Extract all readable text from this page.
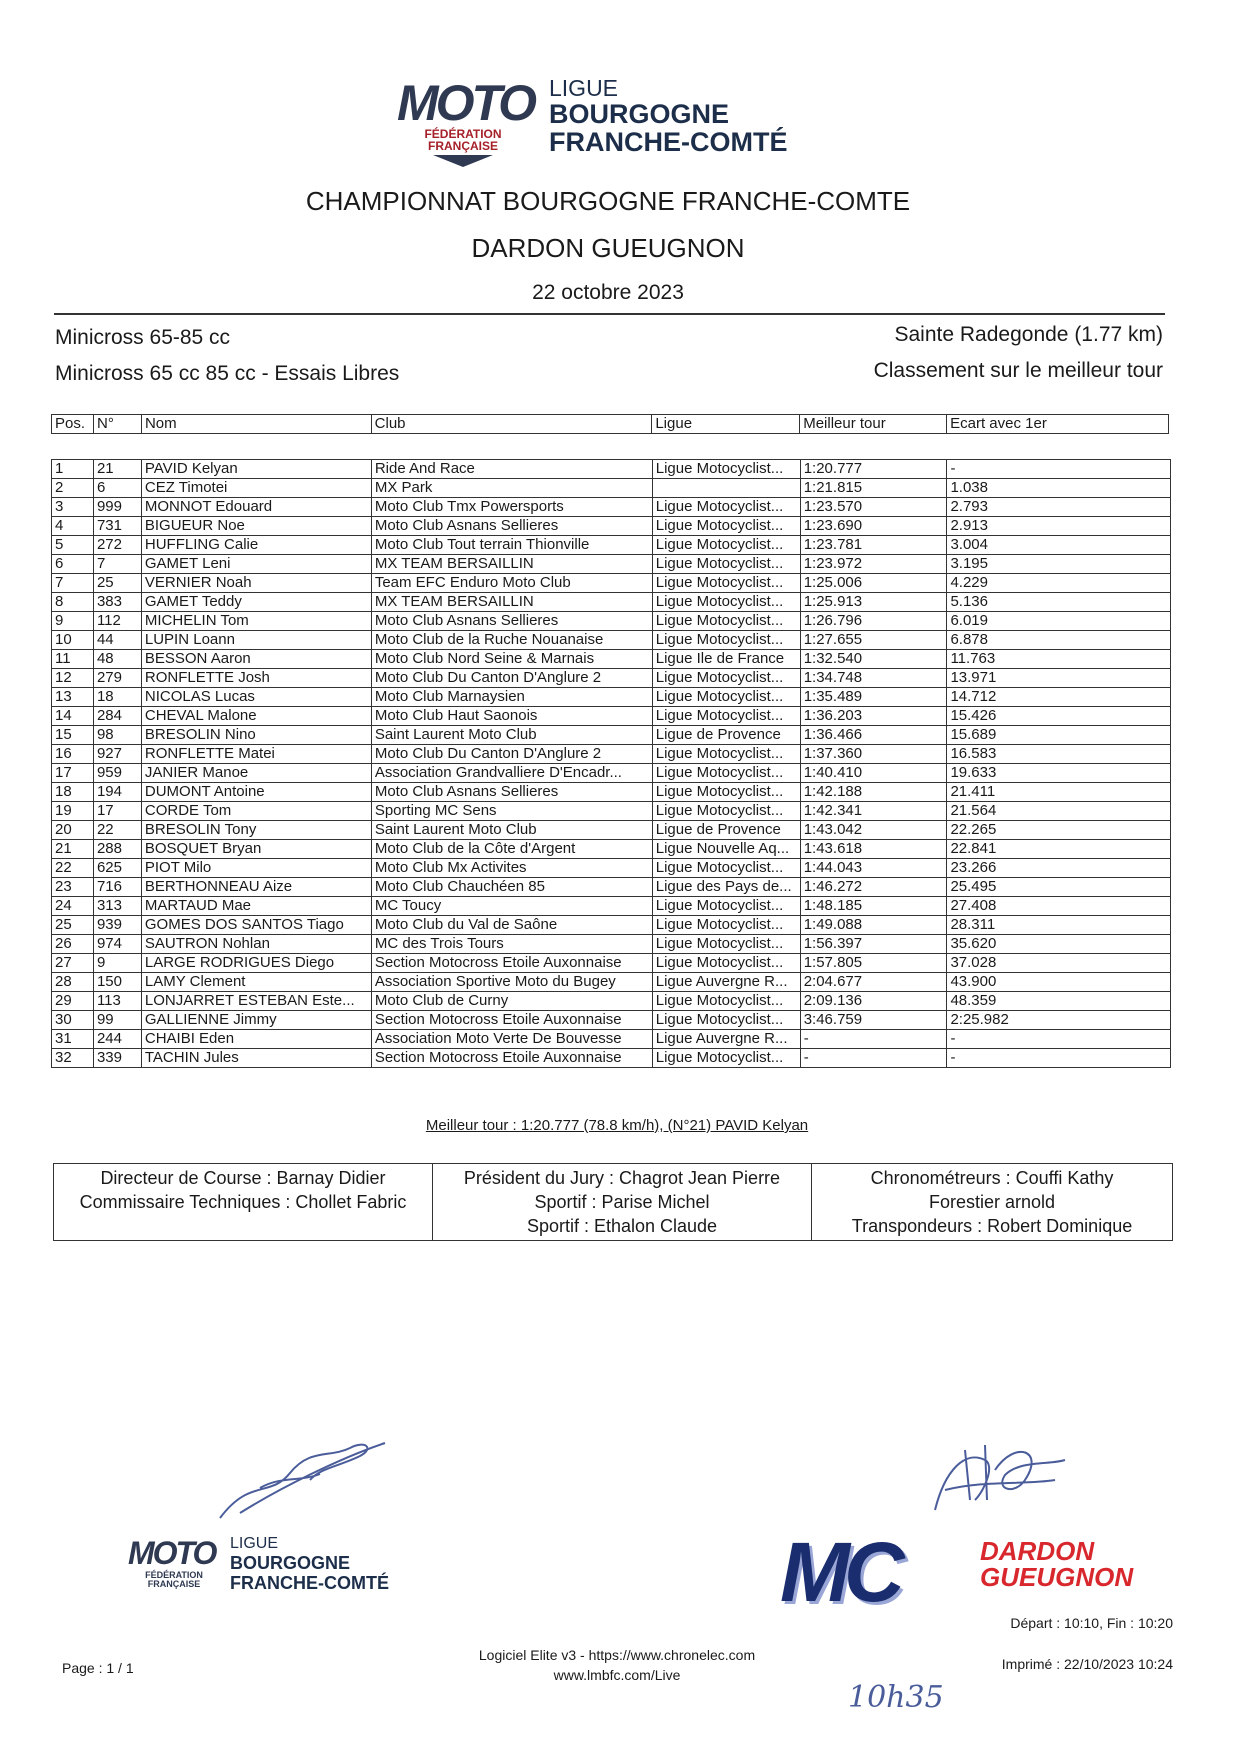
MOTO
FÉDÉRATION FRANÇAISE
LIGUE
BOURGOGNE
FRANCHE-COMTÉ
CHAMPIONNAT BOURGOGNE FRANCHE-COMTE
DARDON GUEUGNON
22 octobre 2023
Minicross 65-85 cc
Minicross 65 cc 85 cc - Essais Libres
Sainte Radegonde (1.77 km)
Classement sur le meilleur tour
Pos.	N°	Nom	Club	Ligue	Meilleur tour	Ecart avec 1er
1	21	PAVID Kelyan	Ride And Race	Ligue Motocyclist...	1:20.777	-
2	6	CEZ Timotei	MX Park		1:21.815	1.038
3	999	MONNOT Edouard	Moto Club Tmx Powersports	Ligue Motocyclist...	1:23.570	2.793
4	731	BIGUEUR Noe	Moto Club Asnans Sellieres	Ligue Motocyclist...	1:23.690	2.913
5	272	HUFFLING Calie	Moto Club Tout terrain Thionville	Ligue Motocyclist...	1:23.781	3.004
6	7	GAMET Leni	MX TEAM BERSAILLIN	Ligue Motocyclist...	1:23.972	3.195
7	25	VERNIER Noah	Team EFC Enduro Moto Club	Ligue Motocyclist...	1:25.006	4.229
8	383	GAMET Teddy	MX TEAM BERSAILLIN	Ligue Motocyclist...	1:25.913	5.136
9	112	MICHELIN Tom	Moto Club Asnans Sellieres	Ligue Motocyclist...	1:26.796	6.019
10	44	LUPIN Loann	Moto Club de la Ruche Nouanaise	Ligue Motocyclist...	1:27.655	6.878
11	48	BESSON Aaron	Moto Club Nord Seine & Marnais	Ligue Ile de France	1:32.540	11.763
12	279	RONFLETTE Josh	Moto Club Du Canton D'Anglure 2	Ligue Motocyclist...	1:34.748	13.971
13	18	NICOLAS Lucas	Moto Club Marnaysien	Ligue Motocyclist...	1:35.489	14.712
14	284	CHEVAL Malone	Moto Club Haut Saonois	Ligue Motocyclist...	1:36.203	15.426
15	98	BRESOLIN Nino	Saint Laurent Moto Club	Ligue de Provence	1:36.466	15.689
16	927	RONFLETTE Matei	Moto Club Du Canton D'Anglure 2	Ligue Motocyclist...	1:37.360	16.583
17	959	JANIER Manoe	Association Grandvalliere D'Encadr...	Ligue Motocyclist...	1:40.410	19.633
18	194	DUMONT Antoine	Moto Club Asnans Sellieres	Ligue Motocyclist...	1:42.188	21.411
19	17	CORDE Tom	Sporting MC Sens	Ligue Motocyclist...	1:42.341	21.564
20	22	BRESOLIN Tony	Saint Laurent Moto Club	Ligue de Provence	1:43.042	22.265
21	288	BOSQUET Bryan	Moto Club de la Côte d'Argent	Ligue Nouvelle Aq...	1:43.618	22.841
22	625	PIOT Milo	Moto Club Mx Activites	Ligue Motocyclist...	1:44.043	23.266
23	716	BERTHONNEAU Aize	Moto Club Chauchéen 85	Ligue des Pays de...	1:46.272	25.495
24	313	MARTAUD Mae	MC Toucy	Ligue Motocyclist...	1:48.185	27.408
25	939	GOMES DOS SANTOS Tiago	Moto Club du Val de Saône	Ligue Motocyclist...	1:49.088	28.311
26	974	SAUTRON Nohlan	MC des Trois Tours	Ligue Motocyclist...	1:56.397	35.620
27	9	LARGE RODRIGUES Diego	Section Motocross Etoile Auxonnaise	Ligue Motocyclist...	1:57.805	37.028
28	150	LAMY Clement	Association Sportive Moto du Bugey	Ligue Auvergne R...	2:04.677	43.900
29	113	LONJARRET ESTEBAN Este...	Moto Club de Curny	Ligue Motocyclist...	2:09.136	48.359
30	99	GALLIENNE Jimmy	Section Motocross Etoile Auxonnaise	Ligue Motocyclist...	3:46.759	2:25.982
31	244	CHAIBI Eden	Association Moto Verte De Bouvesse	Ligue Auvergne R...	-	-
32	339	TACHIN Jules	Section Motocross Etoile Auxonnaise	Ligue Motocyclist...	-	-
Meilleur tour : 1:20.777 (78.8 km/h), (N°21) PAVID Kelyan
Directeur de Course : Barnay Didier
Commissaire Techniques : Chollet Fabric

Président du Jury : Chagrot Jean Pierre
Sportif : Parise Michel
Sportif : Ethalon Claude

Chronométreurs : Couffi Kathy
Forestier arnold
Transpondeurs : Robert Dominique
MOTO
FÉDÉRATION FRANÇAISE
LIGUE
BOURGOGNE
FRANCHE-COMTÉ	MC	DARDON
GUEUGNON
Départ : 10:10, Fin : 10:20
Page : 1 / 1
Logiciel Elite v3 - https://www.chronelec.com
www.lmbfc.com/Live
Imprimé : 22/10/2023 10:24
10h35
